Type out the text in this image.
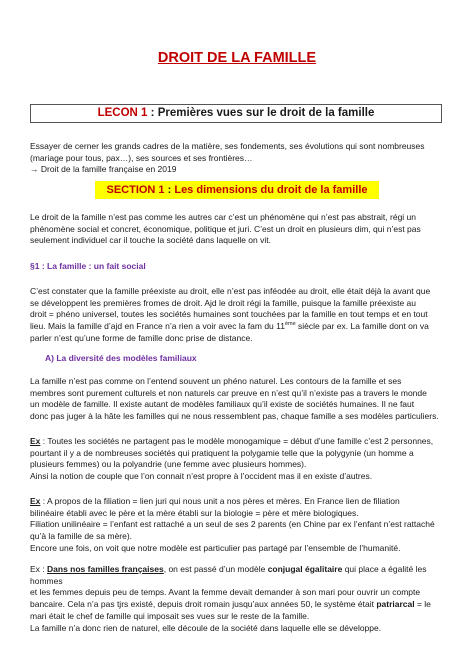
DROIT DE LA FAMILLE
LECON 1 : Premières vues sur le droit de la famille
Essayer de cerner les grands cadres de la matière, ses fondements, ses évolutions qui sont nombreuses
(mariage pour tous, pax…), ses sources et ses frontières…
→ Droit de la famille française en 2019
SECTION 1 : Les dimensions du droit de la famille
Le droit de la famille n’est pas comme les autres car c’est un phénomène qui n’est pas abstrait, régi un
phénomène social et concret, économique, politique et juri. C’est un droit en plusieurs dim, qui n’est pas
seulement individuel car il touche la société dans laquelle on vit.
§1 : La famille : un fait social
C’est constater que la famille préexiste au droit, elle n’est pas inféodée au droit, elle était déjà la avant que
se développent les premières fromes de droit. Ajd le droit régi la famille, puisque la famille préexiste au
droit = phéno universel, toutes les sociétés humaines sont touchées par la famille en tout temps et en tout
lieu. Mais la famille d’ajd en France n’a rien a voir avec la fam du 11ème siècle par ex. La famille dont on va
parler n’est qu’une forme de famille donc prise de distance.
A) La diversité des modèles familiaux
La famille n’est pas comme on l’entend souvent un phéno naturel. Les contours de la famille et ses
membres sont purement culturels et non naturels car preuve en n’est qu’il n’existe pas a travers le monde
un modèle de famille. Il existe autant de modèles familiaux qu’il existe de sociétés humaines. Il ne faut
donc pas juger à la hâte les familles qui ne nous ressemblent pas, chaque famille a ses modèles particuliers.
Ex : Toutes les sociétés ne partagent pas le modèle monogamique = début d’une famille c’est 2 personnes,
pourtant il y a de nombreuses sociétés qui pratiquent la polygamie telle que la polygynie (un homme a
plusieurs femmes) ou la polyandrie (une femme avec plusieurs hommes).
Ainsi la notion de couple que l’on connait n’est propre à l’occident mas il en existe d’autres.
Ex : A propos de la filiation = lien juri qui nous unit a nos pères et mères. En France lien de filiation
bilinéaire établi avec le père et la mère établi sur la biologie = père et mère biologiques.
Filiation unilinéaire = l’enfant est rattaché a un seul de ses 2 parents (en Chine par ex l’enfant n’est rattaché
qu’à la famille de sa mère).
Encore une fois, on voit que notre modèle est particulier pas partagé par l’ensemble de l’humanité.
Ex : Dans nos familles françaises, on est passé d’un modèle conjugal égalitaire qui place a égalité les hommes
et les femmes depuis peu de temps. Avant la femme devait demander à son mari pour ouvrir un compte
bancaire. Cela n’a pas tjrs existé, depuis droit romain jusqu’aux années 50, le système était patriarcal = le
mari était le chef de famille qui imposait ses vues sur le reste de la famille.
La famille n’a donc rien de naturel, elle découle de la société dans laquelle elle se développe.
